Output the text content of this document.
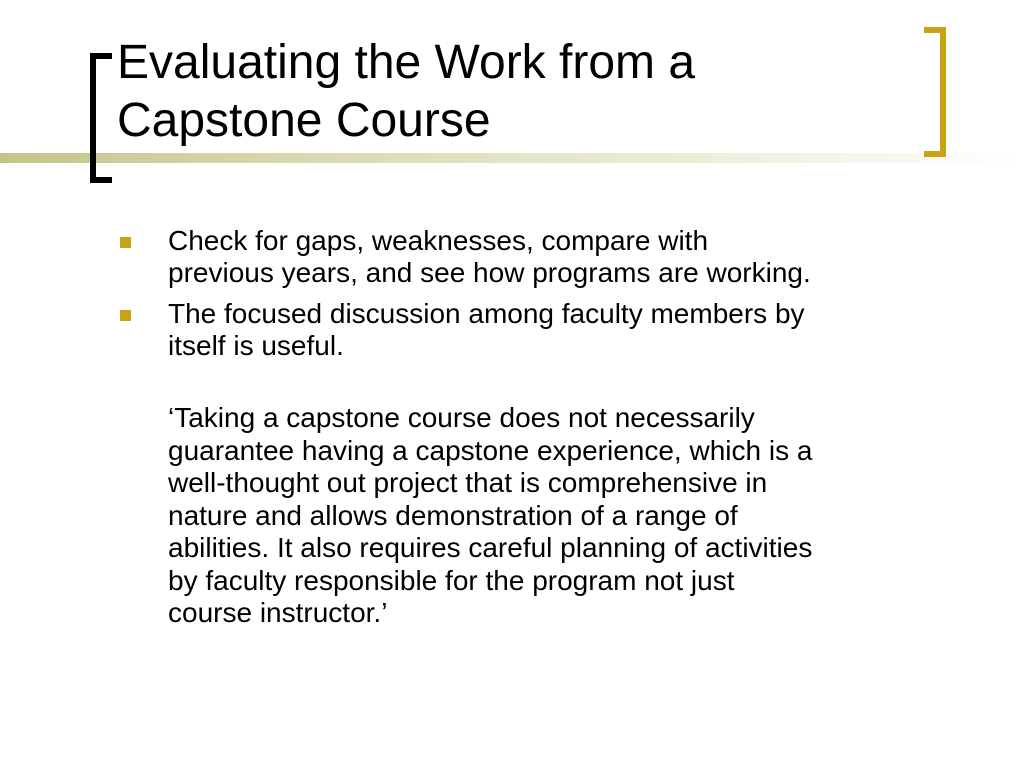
Evaluating the Work from a
Capstone Course
Check for gaps, weaknesses, compare with
previous years, and see how programs are working.
The focused discussion among faculty members by
itself is useful.
‘Taking a capstone course does not necessarily
guarantee having a capstone experience, which is a
well-thought out project that is comprehensive in
nature and allows demonstration of a range of
abilities. It also requires careful planning of activities
by faculty responsible for the program not just
course instructor.’
